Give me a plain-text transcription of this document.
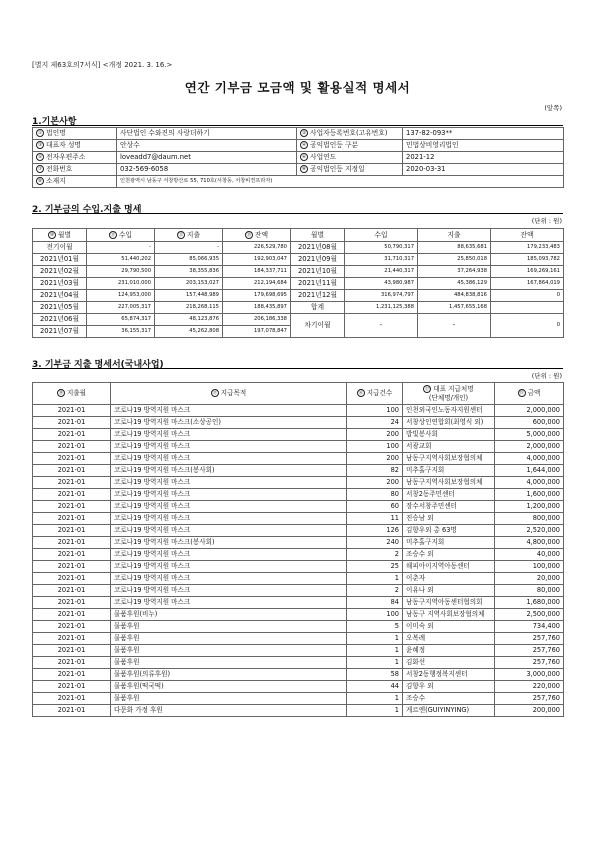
[별지 제63호의7서식] <개정 2021. 3. 16.>
연간 기부금 모금액 및 활용실적 명세서
(앞쪽)
1.기본사항
① 법인명	사단법인 수와진의 사랑더하기	② 사업자등록번호(고유번호)	137-82-093**
③ 대표자 성명	안상수	④ 공익법인등 구분	민법상비영리법인
⑤ 전자우편주소	loveadd7@daum.net	⑥ 사업연도	2021-12
⑦ 전화번호	032-569-6058	⑧ 공익법인등 지정일	2020-03-31
⑨ 소재지	인천광역시 남동구 서창방산로 55, 710호(서창동, 서창비젼프라자)		
2. 기부금의 수입.지출 명세
(단위 : 원)
⑩ 월별	⑪ 수입	⑫ 지출	⑬ 잔액	월별	수입	지출	잔액
전기이월	-	-	226,529,780	2021년08월	50,790,317	88,635,681	179,233,483
2021년01월	51,440,202	85,066,935	192,903,047	2021년09월	31,710,317	25,850,018	185,093,782
2021년02월	29,790,500	38,355,836	184,337,711	2021년10월	21,440,317	37,264,938	169,269,161
2021년03월	231,010,000	203,153,027	212,194,684	2021년11월	43,980,987	45,386,129	167,864,019
2021년04월	124,953,000	157,448,989	179,698,695	2021년12월	316,974,797	484,838,816	0
2021년05월	227,005,317	218,268,115	188,435,897	합계	1,231,125,388	1,457,655,168	
2021년06월	65,874,317	48,123,876	206,186,338	차기이월	-	-	0
2021년07월	36,155,317	45,262,808	197,078,847				
3. 기부금 지출 명세서(국내사업)
(단위 : 원)
⑭ 지출월	⑮ 지급목적	⑯ 지급건수	⑰ 대표 지급처명
(단체명/개인)	⑱ 금액
2021-01	코로나19 방역지원 마스크	100	인천외국인노동자지원센터	2,000,000
2021-01	코로나19 방역지원 마스크(소상공인)	24	서창상인연합회(최영식 외)	600,000
2021-01	코로나19 방역지원 마스크	200	밥빛봉사회	5,000,000
2021-01	코로나19 방역지원 마스크	100	서광교회	2,000,000
2021-01	코로나19 방역지원 마스크	200	남동구지역사회보장협의체	4,000,000
2021-01	코로나19 방역지원 마스크(봉사회)	82	미추홀구지회	1,644,000
2021-01	코로나19 방역지원 마스크	200	남동구지역사회보장협의체	4,000,000
2021-01	코로나19 방역지원 마스크	80	서창2동주민센터	1,600,000
2021-01	코로나19 방역지원 마스크	60	장수서창주민센터	1,200,000
2021-01	코로나19 방역지원 마스크	11	진승남 외	800,000
2021-01	코로나19 방역지원 마스크	126	김향우외 총 63명	2,520,000
2021-01	코로나19 방역지원 마스크(봉사회)	240	미추홀구지회	4,800,000
2021-01	코로나19 방역지원 마스크	2	조승수 외	40,000
2021-01	코로나19 방역지원 마스크	25	해피아이지역아동센터	100,000
2021-01	코로나19 방역지원 마스크	1	이춘자	20,000
2021-01	코로나19 방역지원 마스크	2	이유나 외	80,000
2021-01	코로나19 방역지원 마스크	84	남동구지역아동센터협의회	1,680,000
2021-01	물품후원(비누)	100	남동구 지역사회보장협의체	2,500,000
2021-01	물품후원	5	이미숙 외	734,400
2021-01	물품후원	1	오복례	257,760
2021-01	물품후원	1	윤혜정	257,760
2021-01	물품후원	1	김화선	257,760
2021-01	물품후원(의류후원)	58	서창2동행정복지센터	3,000,000
2021-01	물품후원(떡국떡)	44	김향우 외	220,000
2021-01	물품후원	1	조승수	257,760
2021-01	다문화 가정 후원	1	게르엔(GUIYINYING)	200,000
